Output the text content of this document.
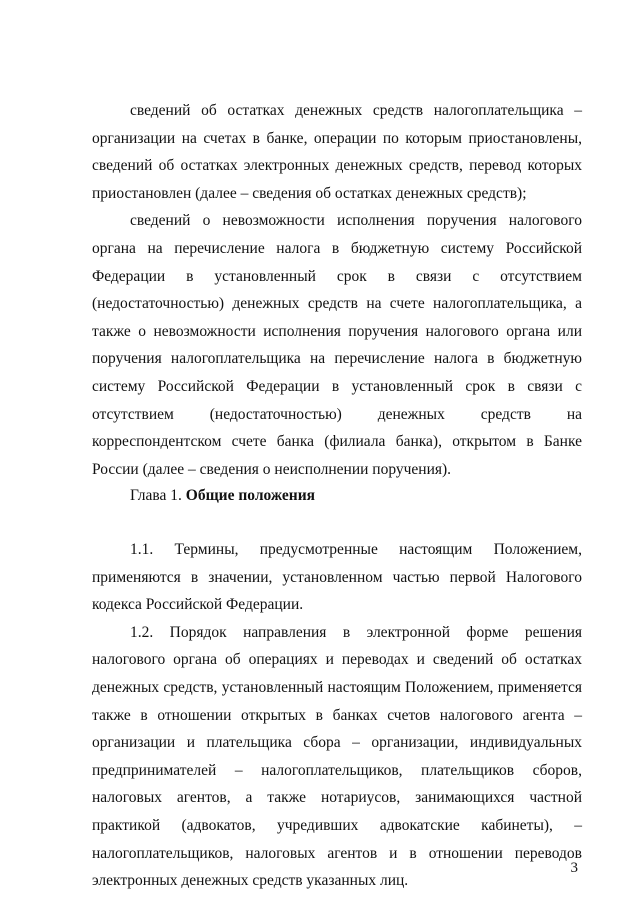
сведений об остатках денежных средств налогоплательщика – организации на счетах в банке, операции по которым приостановлены, сведений об остатках электронных денежных средств, перевод которых приостановлен (далее – сведения об остатках денежных средств);

сведений о невозможности исполнения поручения налогового органа на перечисление налога в бюджетную систему Российской Федерации в установленный срок в связи с отсутствием (недостаточностью) денежных средств на счете налогоплательщика, а также о невозможности исполнения поручения налогового органа или поручения налогоплательщика на перечисление налога в бюджетную систему Российской Федерации в установленный срок в связи с отсутствием (недостаточностью) денежных средств на корреспондентском счете банка (филиала банка), открытом в Банке России (далее – сведения о неисполнении поручения).

Глава 1. Общие положения

1.1. Термины, предусмотренные настоящим Положением, применяются в значении, установленном частью первой Налогового кодекса Российской Федерации.

1.2. Порядок направления в электронной форме решения налогового органа об операциях и переводах и сведений об остатках денежных средств, установленный настоящим Положением, применяется также в отношении открытых в банках счетов налогового агента – организации и плательщика сбора – организации, индивидуальных предпринимателей – налогоплательщиков, плательщиков сборов, налоговых агентов, а также нотариусов, занимающихся частной практикой (адвокатов, учредивших адвокатские кабинеты), – налогоплательщиков, налоговых агентов и в отношении переводов электронных денежных средств указанных лиц.

3
